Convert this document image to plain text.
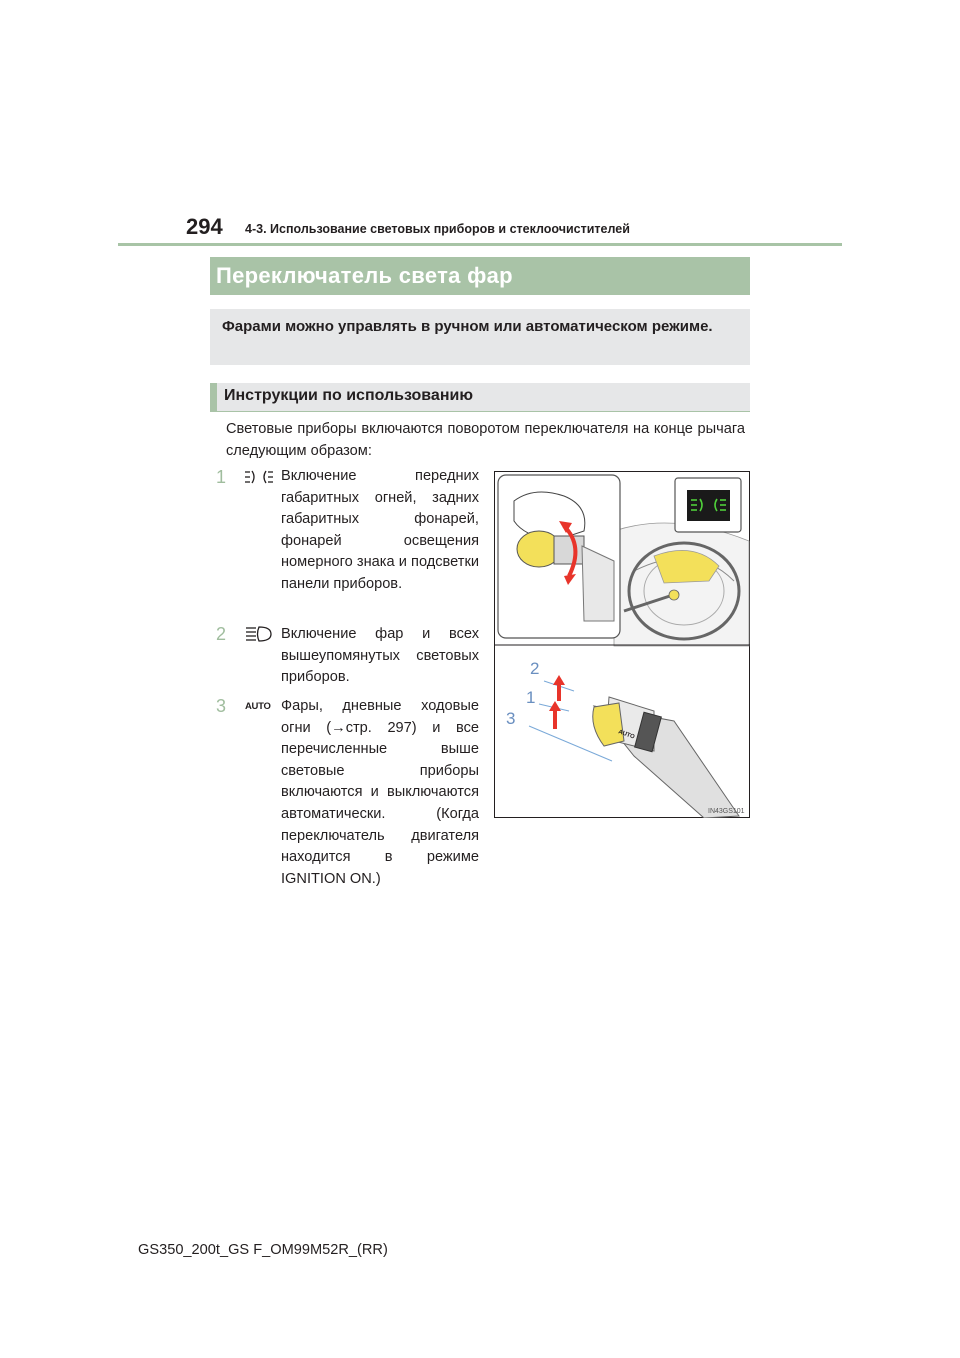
294 4-3. Использование световых приборов и стеклоочистителей
Переключатель света фар
Фарами можно управлять в ручном или автоматическом режиме.
Инструкции по использованию
Световые приборы включаются поворотом переключателя на конце рычага следующим образом:
1	Включение передних габаритных огней, задних габаритных фонарей, фонарей освещения номерного знака и подсветки панели приборов.
2	Включение фар и всех вышеупомянутых световых приборов.
3 AUTO Фары, дневные ходовые огни (→стр. 297) и все перечисленные выше световые приборы включаются и выключаются автоматически. (Когда переключатель двигателя находится в режиме IGNITION ON.)
2
1
3
AUTO
IN43GS101
GS350_200t_GS F_OM99M52R_(RR)
